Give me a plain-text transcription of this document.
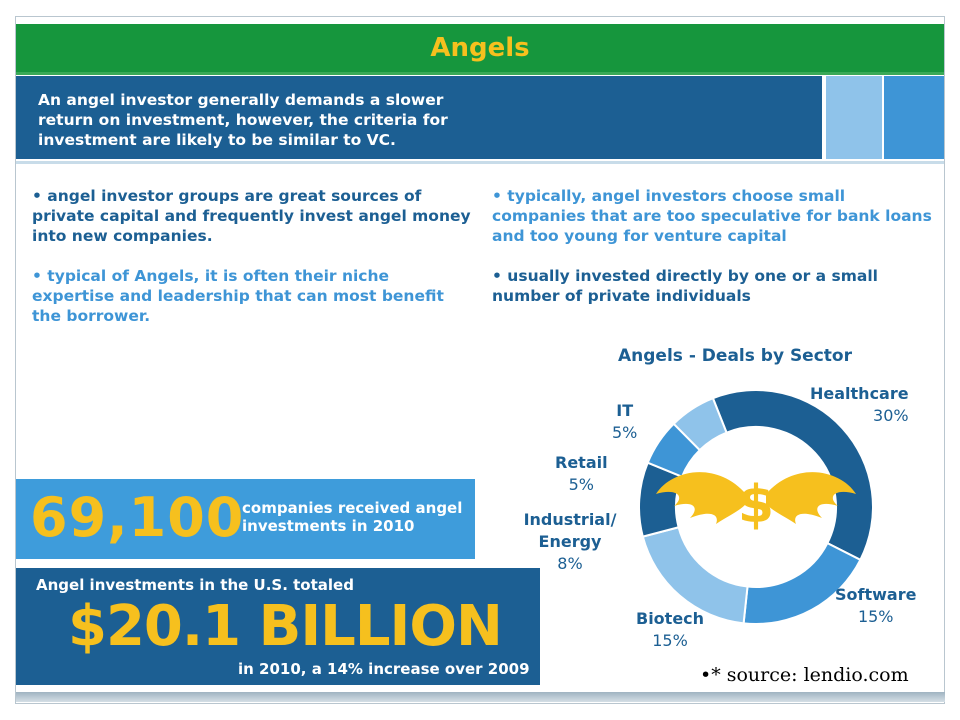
Angels
An angel investor generally demands a slower return on investment, however, the criteria for investment are likely to be similar to VC.
• angel investor groups are great sources of private capital and frequently invest angel money into new companies.
• typical of Angels, it is often their niche expertise and leadership that can most benefit the borrower.
• typically, angel investors choose small companies that are too speculative for bank loans and too young for venture capital
• usually invested directly by one or a small number of private individuals
69,100
companies received angel investments in 2010
Angel investments in the U.S. totaled
$20.1 BILLION
in 2010, a 14% increase over 2009
Angels - Deals by Sector
$
Healthcare
30%
Software
15%
Biotech
15%
Industrial/ Energy
8%
Retail
5%
IT
5%
•* source: lendio.com
